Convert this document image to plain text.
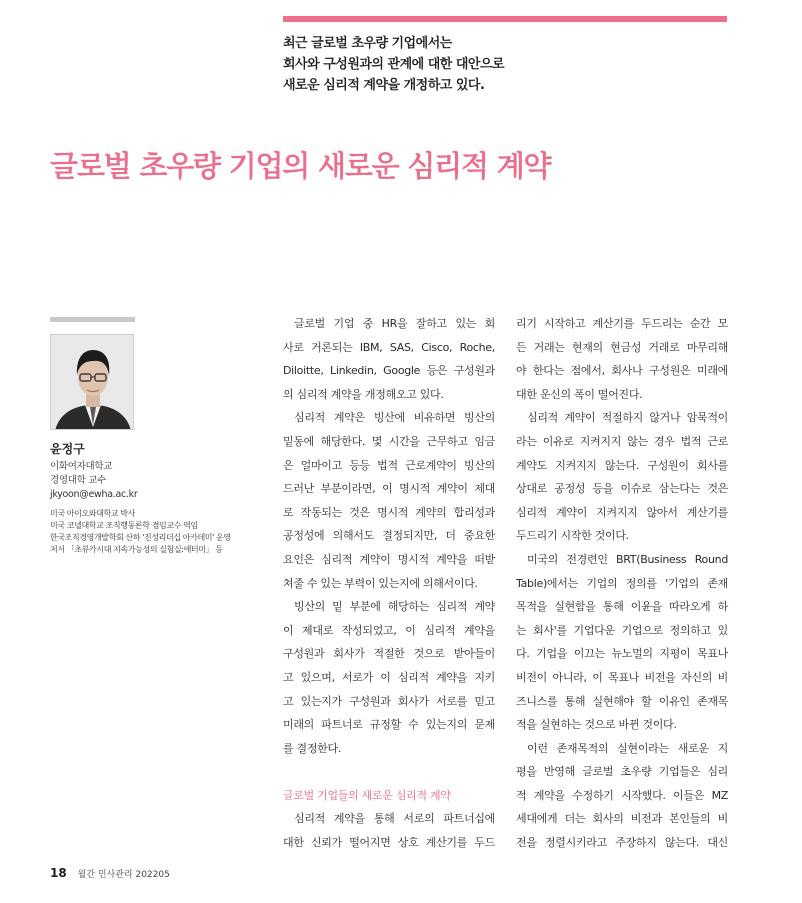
최근 글로벌 초우량 기업에서는
회사와 구성원과의 관계에 대한 대안으로
새로운 심리적 계약을 개정하고 있다.
글로벌 초우량 기업의 새로운 심리적 계약
윤정구
이화여자대학교
경영대학 교수
jkyoon@ewha.ac.kr
미국 아이오와대학교 박사
미국 코넬대학교 조직행동론학 겸임교수 역임
한국조직경영개발학회 산하 '진성리더십 아카데미' 운영
저서 「초뷰카시대 지속가능성의 실험실:애터미」 등
글로벌 기업 중 HR을 잘하고 있는 회
사로 거론되는 IBM, SAS, Cisco, Roche,
Diloitte, Linkedin, Google 등은 구성원과
의 심리적 계약을 개정해오고 있다.
심리적 계약은 빙산에 비유하면 빙산의
밑동에 해당한다. 몇 시간을 근무하고 임금
은 얼마이고 등등 법적 근로계약이 빙산의
드러난 부분이라면, 이 명시적 계약이 제대
로 작동되는 것은 명시적 계약의 합리성과
공정성에 의해서도 결정되지만, 더 중요한
요인은 심리적 계약이 명시적 계약을 떠받
쳐줄 수 있는 부력이 있는지에 의해서이다.
빙산의 밑 부분에 해당하는 심리적 계약
이 제대로 작성되었고, 이 심리적 계약을
구성원과 회사가 적절한 것으로 받아들이
고 있으며, 서로가 이 심리적 계약을 지키
고 있는지가 구성원과 회사가 서로를 믿고
미래의 파트너로 규정할 수 있는지의 문제
를 결정한다.
글로벌 기업들의 새로운 심리적 계약
심리적 계약을 통해 서로의 파트너십에
대한 신뢰가 떨어지면 상호 계산기를 두드
리기 시작하고 계산기를 두드리는 순간 모
든 거래는 현재의 현금성 거래로 마무리해
야 한다는 점에서, 회사나 구성원은 미래에
대한 운신의 폭이 떨어진다.
심리적 계약이 적절하지 않거나 암묵적이
라는 이유로 지켜지지 않는 경우 법적 근로
계약도 지켜지지 않는다. 구성원이 회사를
상대로 공정성 등을 이슈로 삼는다는 것은
심리적 계약이 지켜지지 않아서 계산기를
두드리기 시작한 것이다.
미국의 전경련인 BRT(Business Round
Table)에서는 기업의 정의를 '기업의 존재
목적을 실현함을 통해 이윤을 따라오게 하
는 회사'를 기업다운 기업으로 정의하고 있
다. 기업을 이끄는 뉴노멀의 지평이 목표나
비전이 아니라, 이 목표나 비전을 자신의 비
즈니스를 통해 실현해야 할 이유인 존재목
적을 실현하는 것으로 바뀐 것이다.
이런 존재목적의 실현이라는 새로운 지
평을 반영해 글로벌 초우량 기업들은 심리
적 계약을 수정하기 시작했다. 이들은 MZ
세대에게 더는 회사의 비전과 본인들의 비
전을 정렬시키라고 주장하지 않는다. 대신
18 월간 인사관리 202205
